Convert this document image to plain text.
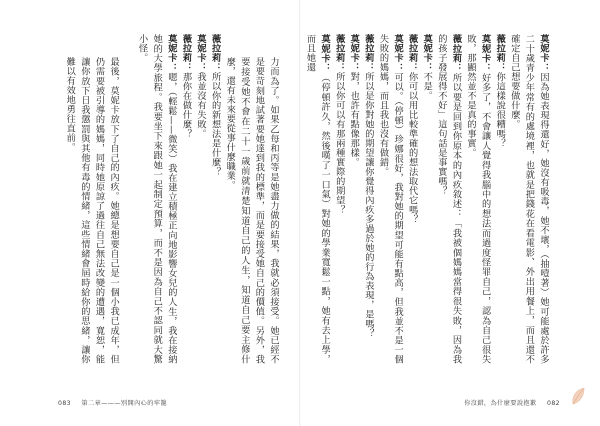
莫妮卡：因為她表現得還好，她沒有吸毒，她不壞，（抽噎著）她可能處於許多二十歲青少年常有的處境裡，也就是把錢花在看電影、外出用餐上，而且還不確定自己想要做什麼。

薇拉莉：你這樣說很糟嗎？

莫妮卡：好多了，不會讓人覺得我腦中的想法而過度怪罪自己，認為自己很失敗，那顯然並不是真的事實。

薇拉莉：所以要是回到你原本的內疚敘述：「我被個媽媽當得很失敗，因為我的孩子發展得不好」這句話是事實嗎？

莫妮卡：不是。

薇拉莉：你可以用比較準確的想法取代它嗎？

莫妮卡：可以。（停頓）珍娜很好，我對她的期望可能有點高，但我並不是一個失敗的媽媽，而且我也沒有做錯。

薇拉莉：所以是你對她的期望讓你覺得內疚多過於她的行為表現，是嗎？

莫妮卡：對，也許有點像那樣。

薇拉莉：所以你可以有那兩種實際的期望？

莫妮卡：（停頓許久，然後嘆了一口氣）對她的學業寬鬆一點，她有去上學，而且她還

力而為了。如果乙每和丙等是她盡力做的結果，我就必須接受。她已經不是要苛刻地試著要她達到我的標準，而是要接受她自己的價值。另外，我要接受她不會在二十一歲前就清楚知道自己的人生，知道自己要主修什麼，還有未來要從事什麼職業。

薇拉莉：所以你的新想法是什麼？

莫妮卡：我並沒有失敗。

薇拉莉：那你在做什麼？

莫妮卡：嗯，（輕鬆——微笑）我在建立積極正向地影響女兒的人生，我在接納她的大學旅程。我要坐下來跟她一起制定預算，而不是因為自己不認同就大驚小怪。

最後，莫妮卡放下了自己的內疚。她總是想要自己是一個小我已成年，但仍需要被引導的媽媽，同時她原諒了過往自己無法改變的遭遇，寬恕，能讓你放下日我懲罰與其他有毒的情緒，這些情緒會屆時給你的思緒，讓你難以有效地勇往直前。

083 第二章———別開內心的牢籠	你沒錯，為什麼要說抱歉 082
